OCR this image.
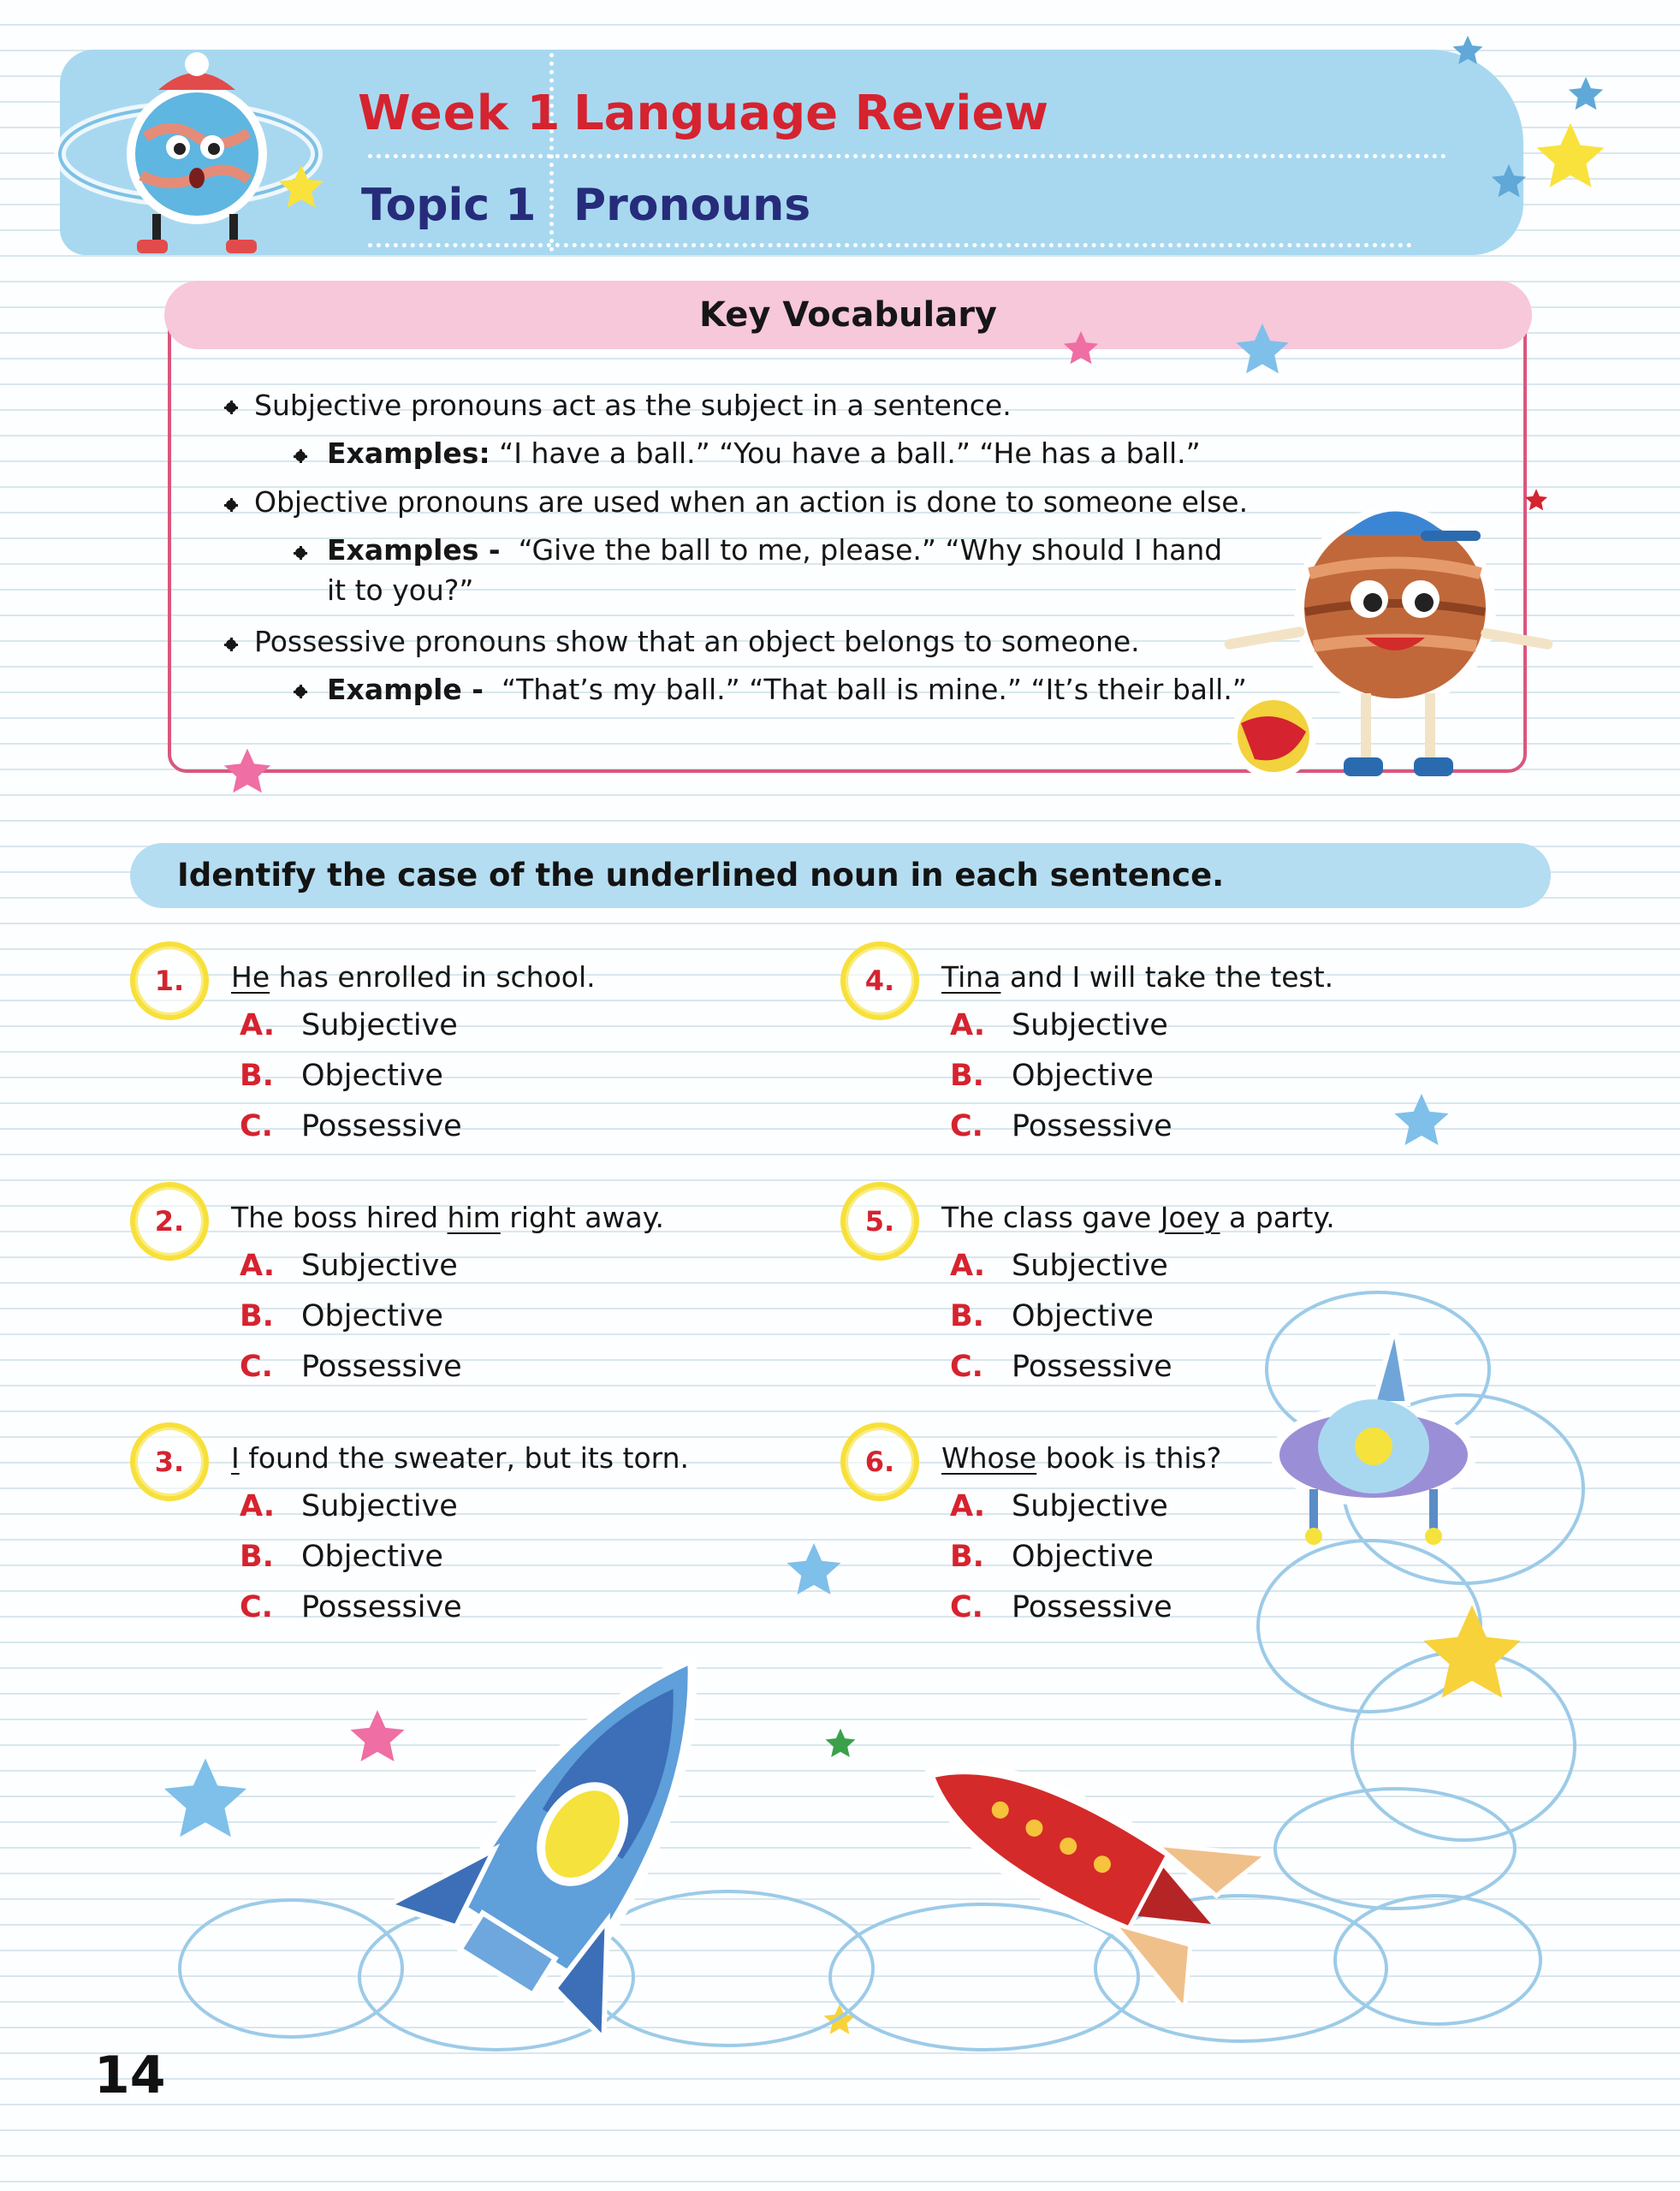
Week 1 Language Review
Topic 1 Pronouns
Key Vocabulary
Subjective pronouns act as the subject in a sentence.
Examples: “I have a ball.” “You have a ball.” “He has a ball.”
Objective pronouns are used when an action is done to someone else.
Examples - “Give the ball to me, please.” “Why should I hand
it to you?”
Possessive pronouns show that an object belongs to someone.
Example - “That’s my ball.” “That ball is mine.” “It’s their ball.”
Identify the case of the underlined noun in each sentence.
1.	He has enrolled in school.
A. Subjective
B. Objective
C. Possessive
2.	The boss hired him right away.
A. Subjective
B. Objective
C. Possessive
3.	I found the sweater, but its torn.
A. Subjective
B. Objective
C. Possessive
4.	Tina and I will take the test.
A. Subjective
B. Objective
C. Possessive
5.	The class gave Joey a party.
A. Subjective
B. Objective
C. Possessive
6.	Whose book is this?
A. Subjective
B. Objective
C. Possessive
14
